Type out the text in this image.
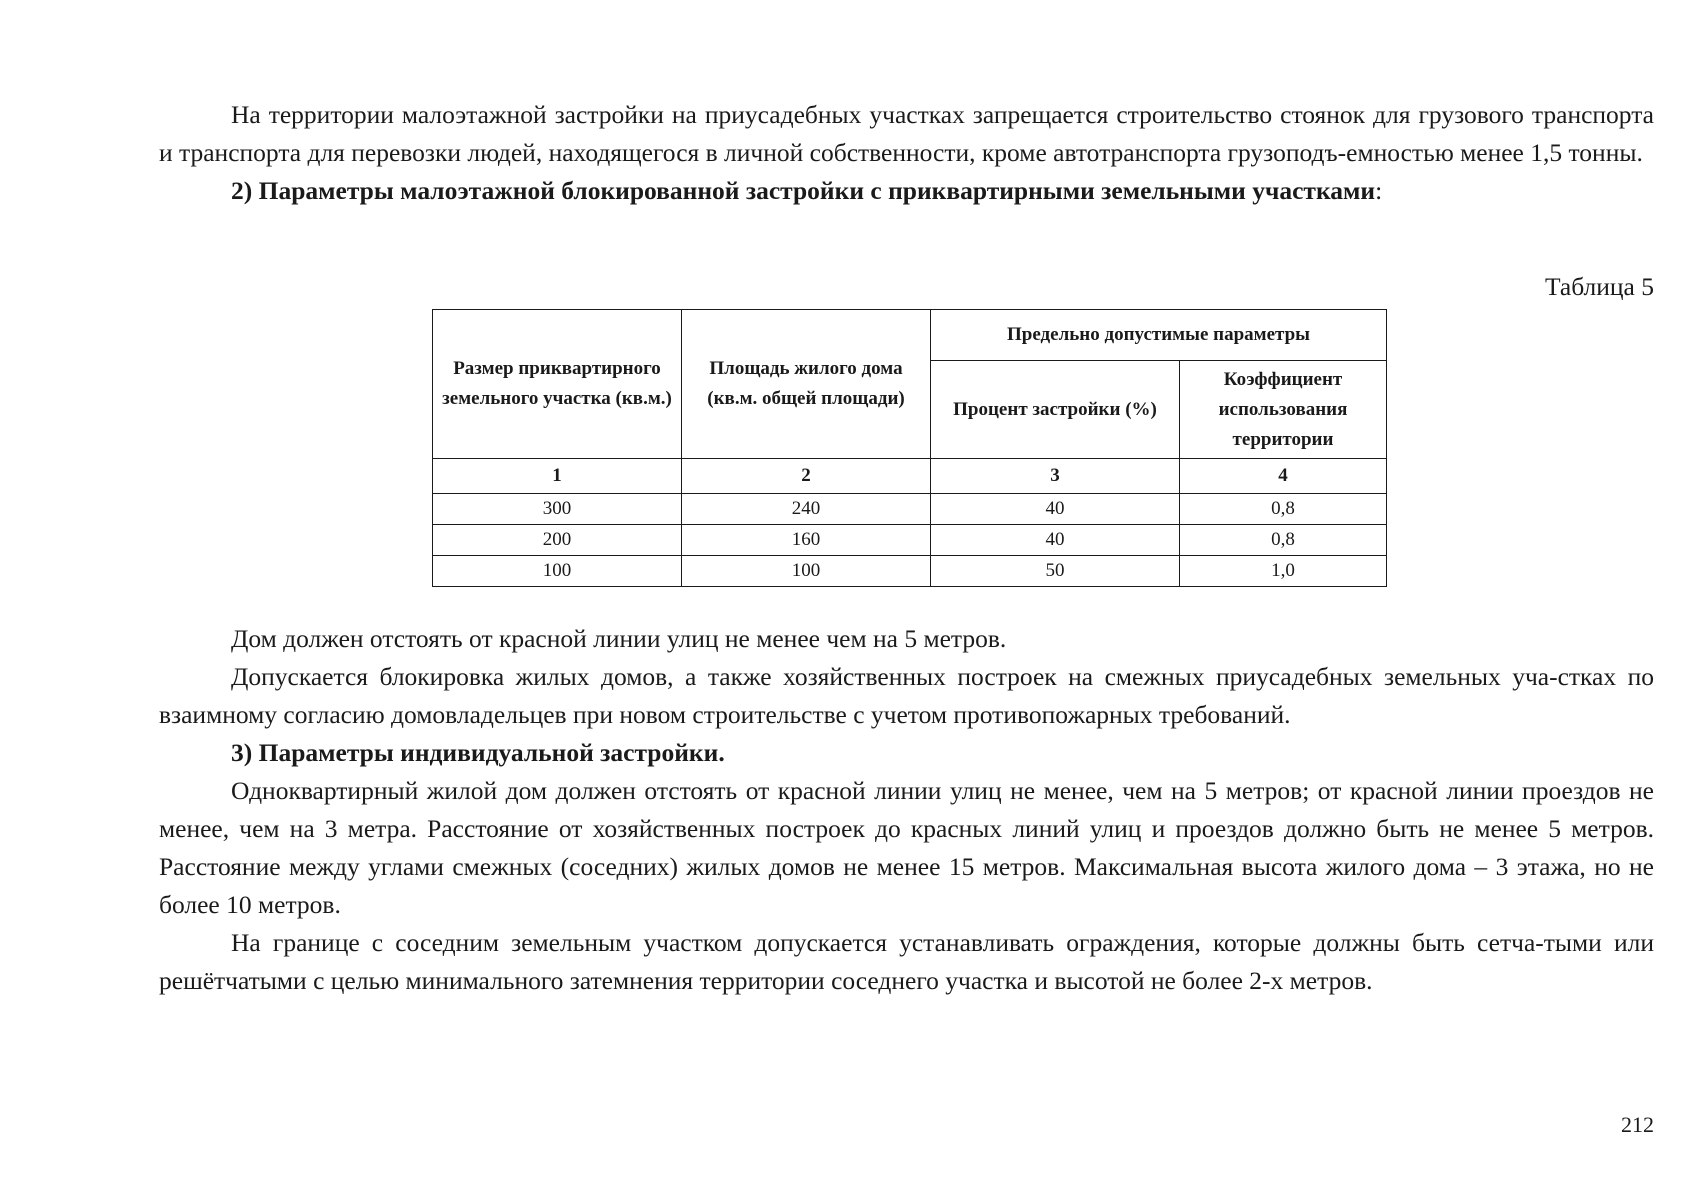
На территории малоэтажной застройки на приусадебных участках запрещается строительство стоянок для грузового транспорта и транспорта для перевозки людей, находящегося в личной собственности, кроме автотранспорта грузоподъ-емностью менее 1,5 тонны.

2) Параметры малоэтажной блокированной застройки с приквартирными земельными участками:

Таблица 5
Размер приквартирного земельного участка (кв.м.)	Площадь жилого дома (кв.м. общей площади)	Предельно допустимые параметры	
		Процент застройки (%)	Коэффициент использования территории
1	2	3	4
300	240	40	0,8
200	160	40	0,8
100	100	50	1,0

Дом должен отстоять от красной линии улиц не менее чем на 5 метров.

Допускается блокировка жилых домов, а также хозяйственных построек на смежных приусадебных земельных уча-стках по взаимному согласию домовладельцев при новом строительстве с учетом противопожарных требований.

3) Параметры индивидуальной застройки.

Одноквартирный жилой дом должен отстоять от красной линии улиц не менее, чем на 5 метров; от красной линии проездов не менее, чем на 3 метра. Расстояние от хозяйственных построек до красных линий улиц и проездов должно быть не менее 5 метров. Расстояние между углами смежных (соседних) жилых домов не менее 15 метров. Максимальная высота жилого дома – 3 этажа, но не более 10 метров.

На границе с соседним земельным участком допускается устанавливать ограждения, которые должны быть сетча-тыми или решётчатыми с целью минимального затемнения территории соседнего участка и высотой не более 2-х метров.

212
